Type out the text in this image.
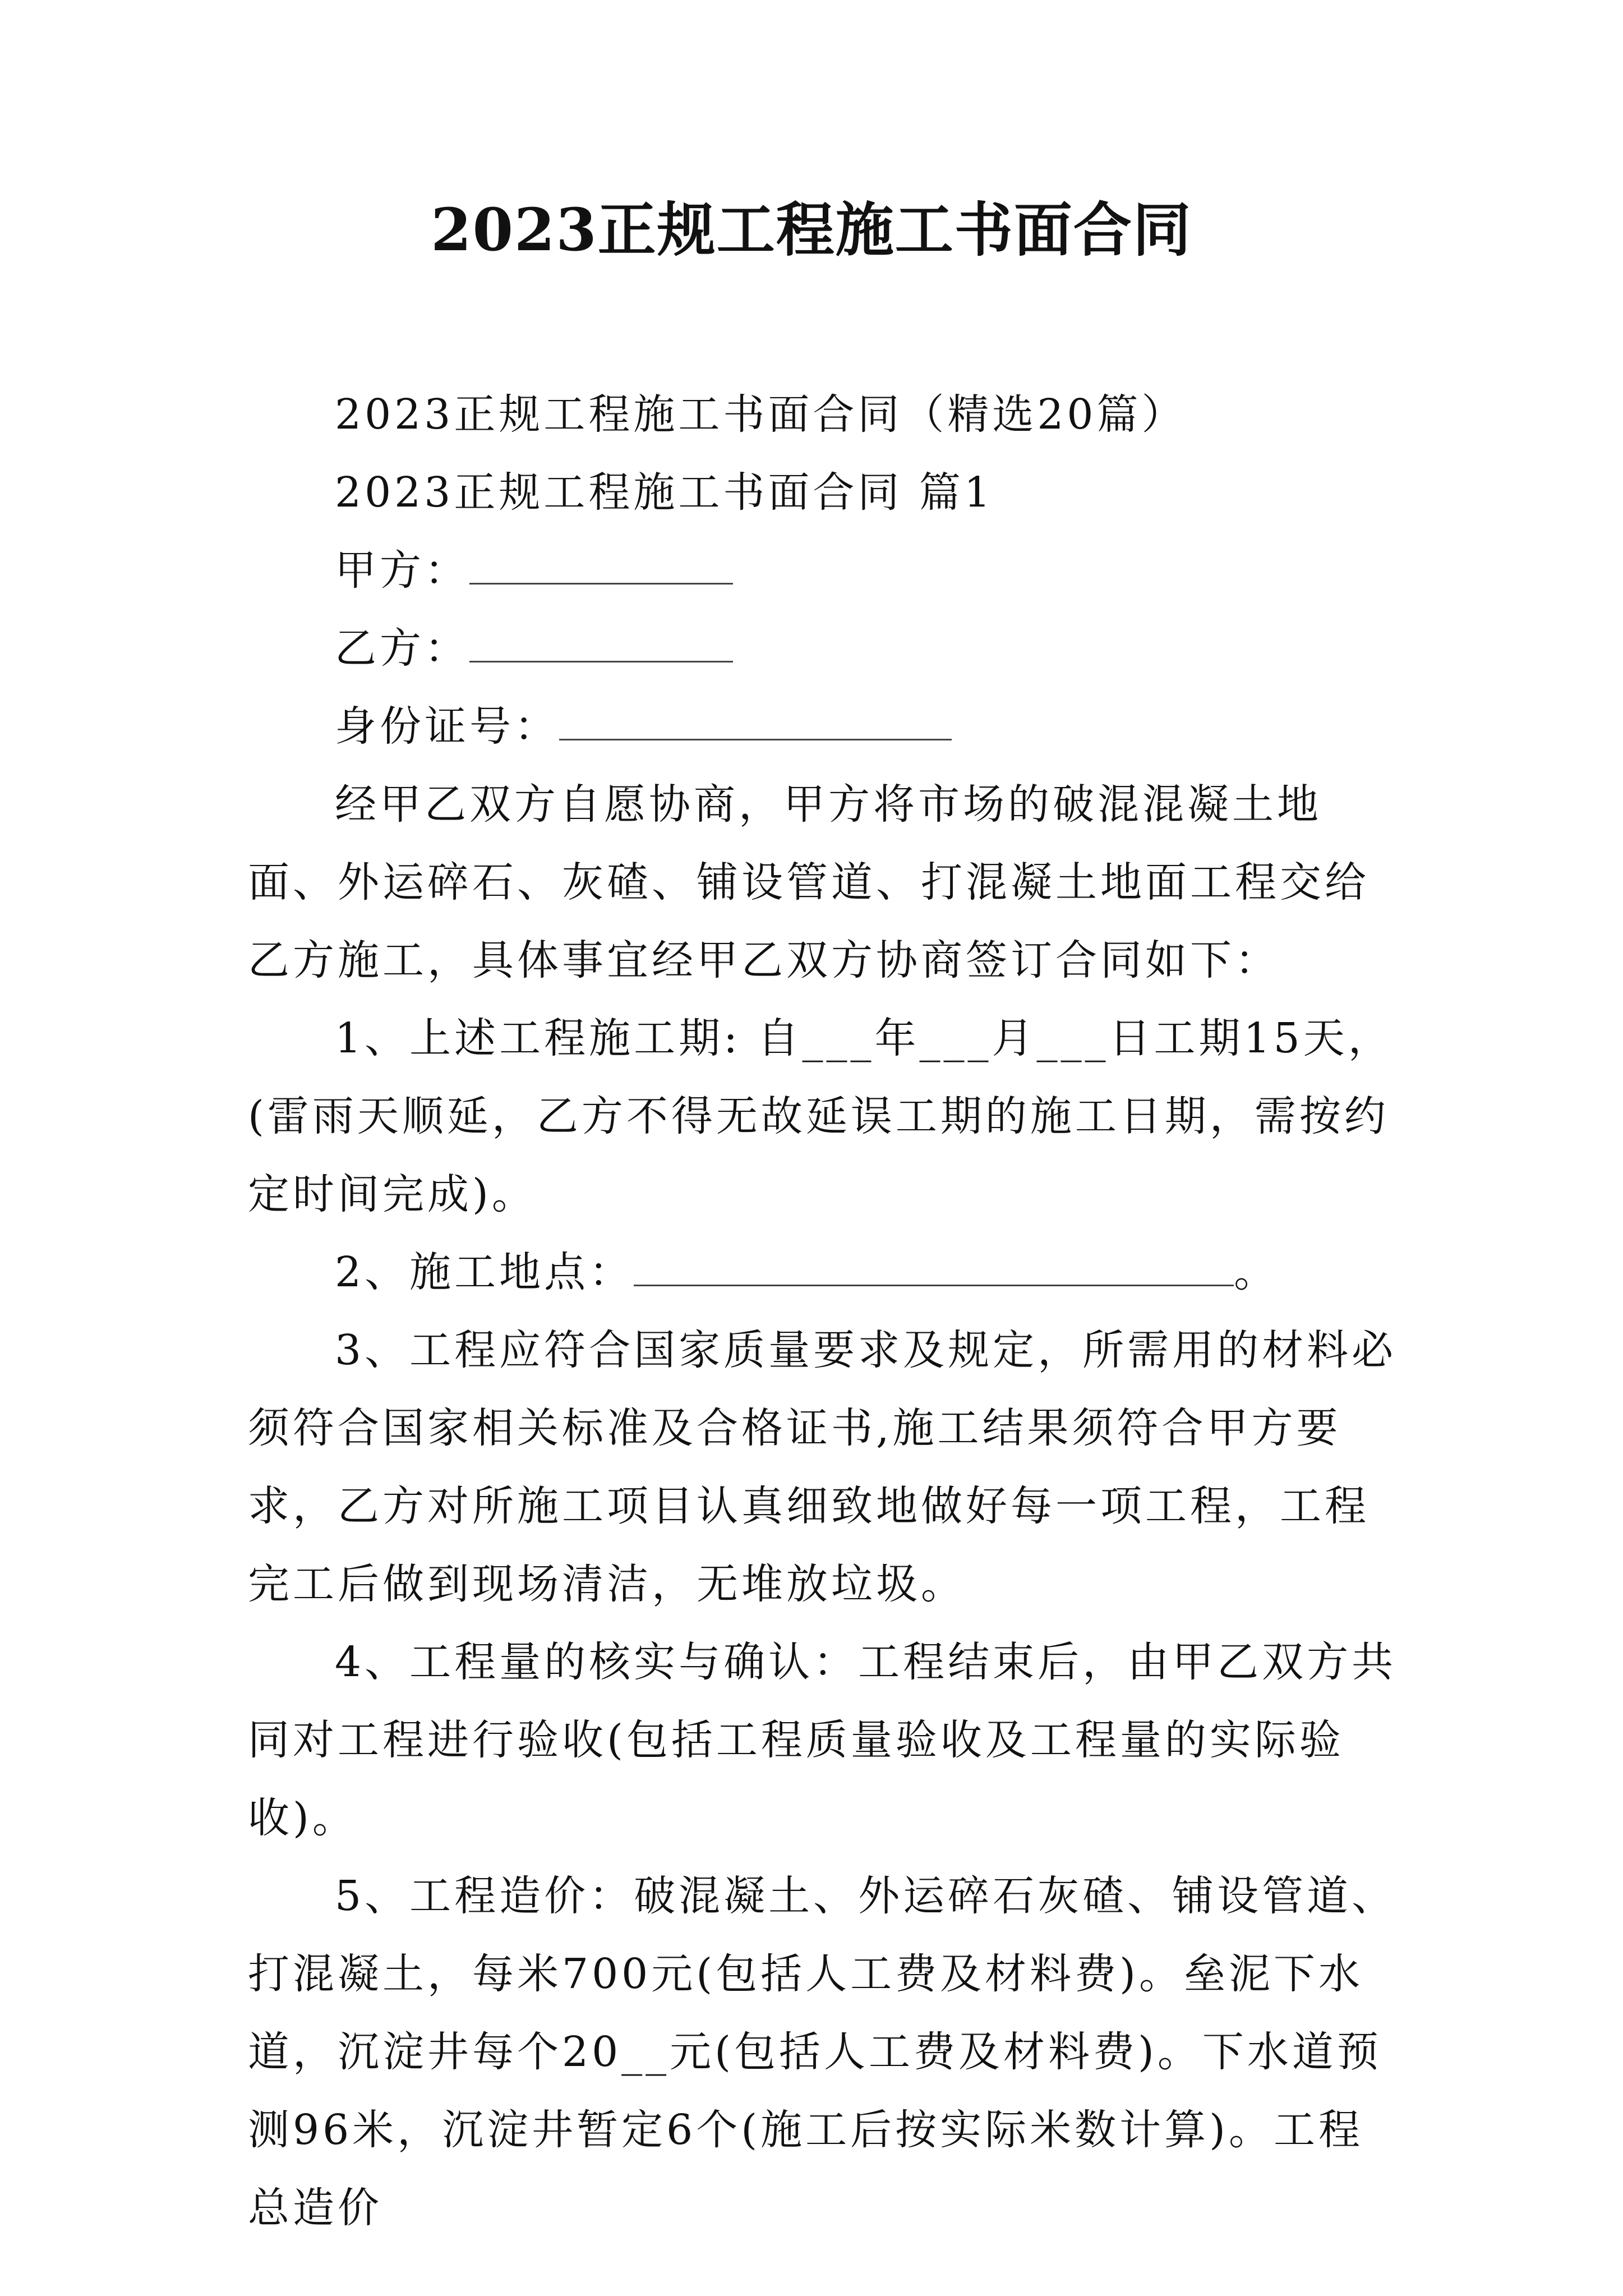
2023正规工程施工书面合同

2023正规工程施工书面合同（精选20篇）

2023正规工程施工书面合同 篇1

甲方：

乙方：

身份证号：

经甲乙双方自愿协商，甲方将市场的破混混凝土地面、外运碎石、灰碴、铺设管道、打混凝土地面工程交给乙方施工，具体事宜经甲乙双方协商签订合同如下：

1、上述工程施工期: 自___年___月___日工期15天，(雷雨天顺延，乙方不得无故延误工期的施工日期，需按约定时间完成)。

2、施工地点：	。

3、工程应符合国家质量要求及规定，所需用的材料必须符合国家相关标准及合格证书,施工结果须符合甲方要求，乙方对所施工项目认真细致地做好每一项工程，工程完工后做到现场清洁，无堆放垃圾。

4、工程量的核实与确认：工程结束后，由甲乙双方共同对工程进行验收(包括工程质量验收及工程量的实际验收)。

5、工程造价：破混凝土、外运碎石灰碴、铺设管道、打混凝土，每米700元(包括人工费及材料费)。垒泥下水道，沉淀井每个20__元(包括人工费及材料费)。下水道预测96米，沉淀井暂定6个(施工后按实际米数计算)。工程总造价
